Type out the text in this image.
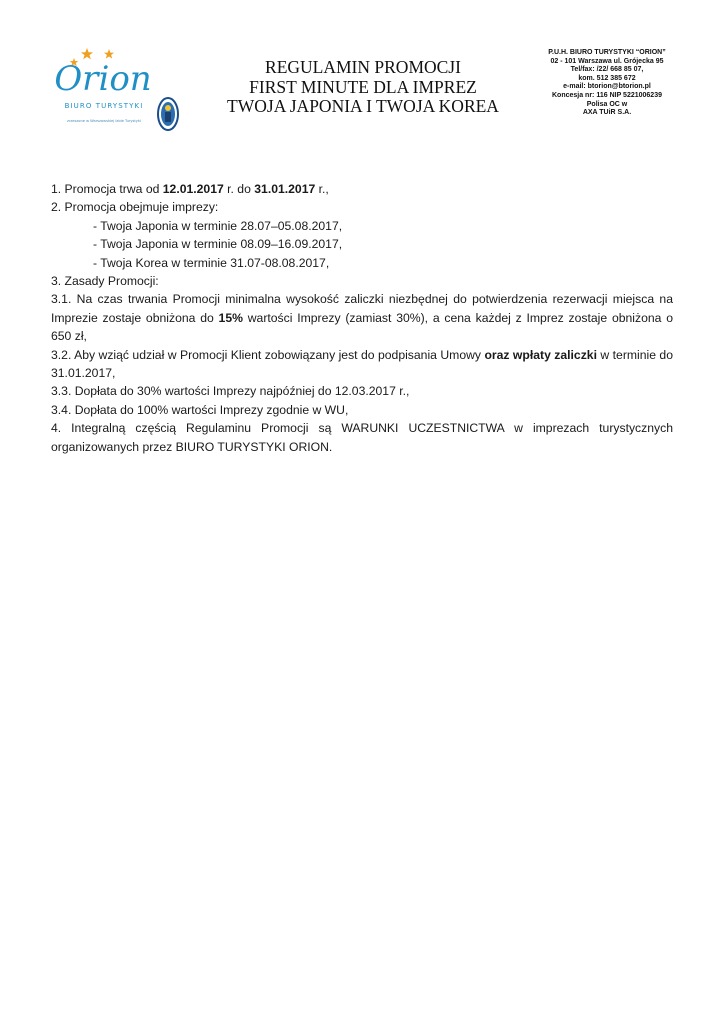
Orion
BIURO TURYSTYKI
zrzeszone w Warszawskiej Izbie Turystyki
REGULAMIN PROMOCJI
FIRST MINUTE DLA IMPREZ
TWOJA JAPONIA I TWOJA KOREA
P.U.H. BIURO TURYSTYKI “ORION”
02 - 101 Warszawa ul. Grójecka 95
Tel/fax: /22/ 668 85 07,
kom. 512 385 672
e-mail: btorion@btorion.pl
Koncesja nr: 116 NIP 5221006239
Polisa OC w
AXA TUiR S.A.

1. Promocja trwa od 12.01.2017 r. do 31.01.2017 r.,

2. Promocja obejmuje imprezy:

- Twoja Japonia w terminie 28.07–05.08.2017,

- Twoja Japonia w terminie 08.09–16.09.2017,

- Twoja Korea w terminie 31.07-08.08.2017,

3. Zasady Promocji:

3.1. Na czas trwania Promocji minimalna wysokość zaliczki niezbędnej do potwierdzenia rezerwacji miejsca na Imprezie zostaje obniżona do 15% wartości Imprezy (zamiast 30%), a cena każdej z Imprez zostaje obniżona o 650 zł,

3.2. Aby wziąć udział w Promocji Klient zobowiązany jest do podpisania Umowy oraz wpłaty zaliczki w terminie do 31.01.2017,

3.3. Dopłata do 30% wartości Imprezy najpóźniej do 12.03.2017 r.,

3.4. Dopłata do 100% wartości Imprezy zgodnie w WU,

4. Integralną częścią Regulaminu Promocji są WARUNKI UCZESTNICTWA w imprezach turystycznych organizowanych przez BIURO TURYSTYKI ORION.
